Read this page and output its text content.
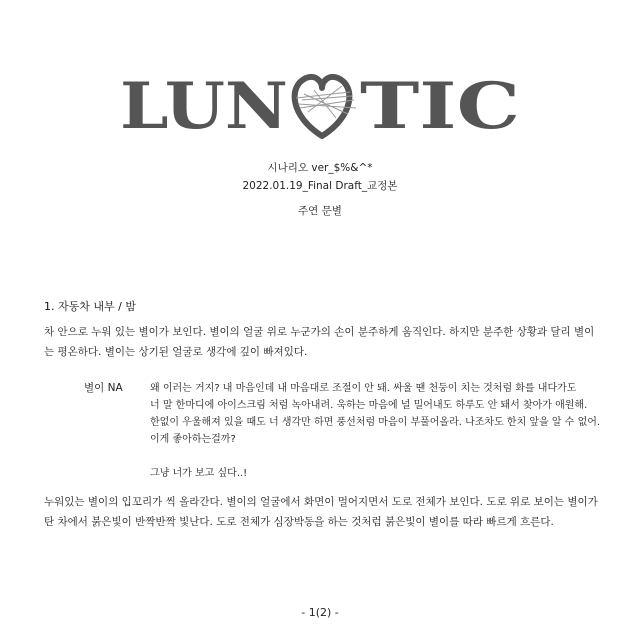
LUN TIC
시나리오 ver_$%&^*
2022.01.19_Final Draft_교정본
주연 문별
1. 자동차 내부 / 밤
차 안으로 누워 있는 별이가 보인다. 별이의 얼굴 위로 누군가의 손이 분주하게 움직인다. 하지만 분주한 상황과 달리 별이는 평온하다. 별이는 상기된 얼굴로 생각에 깊이 빠져있다.
별이 NA	왜 이러는 거지? 내 마음인데 내 마음대로 조절이 안 돼. 싸울 땐 천둥이 치는 것처럼 화를 내다가도
너 말 한마디에 아이스크림 처럼 녹아내려. 욱하는 마음에 널 밀어내도 하루도 안 돼서 찾아가 애원해.
한없이 우울해져 있을 때도 너 생각만 하면 풍선처럼 마음이 부풀어올라. 나조차도 한치 앞을 알 수 없어.
이게 좋아하는걸까?
그냥 너가 보고 싶다..!
누워있는 별이의 입꼬리가 씩 올라간다. 별이의 얼굴에서 화면이 멀어지면서 도로 전체가 보인다. 도로 위로 보이는 별이가 탄 차에서 붉은빛이 반짝반짝 빛난다. 도로 전체가 심장박동을 하는 것처럼 붉은빛이 별이를 따라 빠르게 흐른다.
- 1(2) -
